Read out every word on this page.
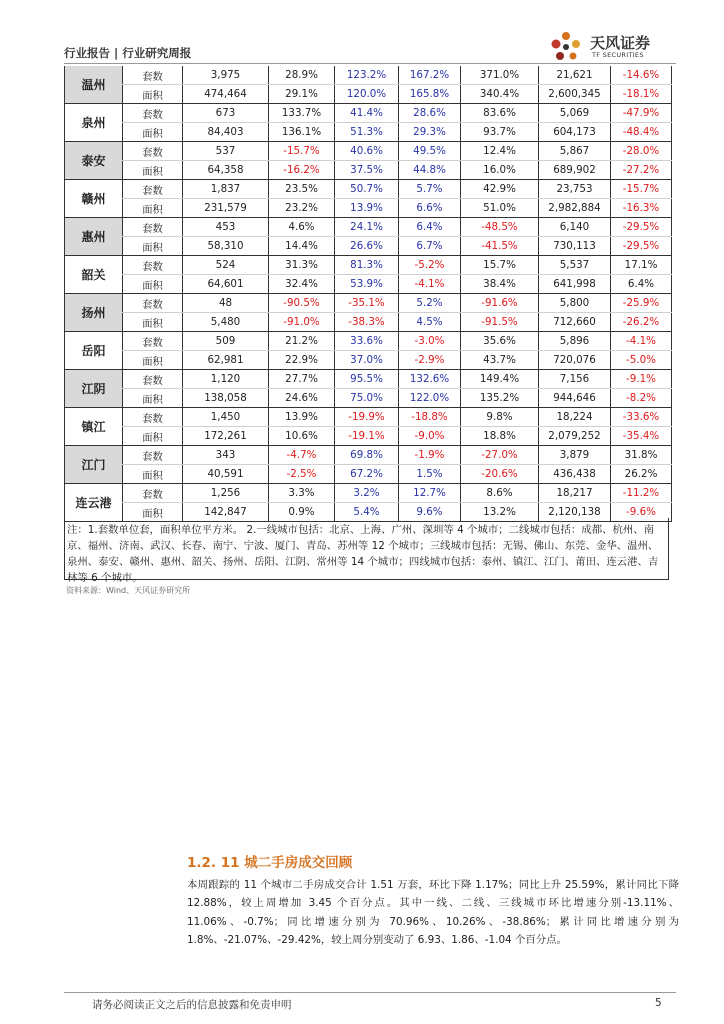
行业报告 | 行业研究周报
天风证券
TF SECURITIES
温州	套数	3,975	28.9%	123.2%	167.2%	371.0%	21,621	-14.6%
	面积	474,464	29.1%	120.0%	165.8%	340.4%	2,600,345	-18.1%
泉州	套数	673	133.7%	41.4%	28.6%	83.6%	5,069	-47.9%
	面积	84,403	136.1%	51.3%	29.3%	93.7%	604,173	-48.4%
泰安	套数	537	-15.7%	40.6%	49.5%	12.4%	5,867	-28.0%
	面积	64,358	-16.2%	37.5%	44.8%	16.0%	689,902	-27.2%
赣州	套数	1,837	23.5%	50.7%	5.7%	42.9%	23,753	-15.7%
	面积	231,579	23.2%	13.9%	6.6%	51.0%	2,982,884	-16.3%
惠州	套数	453	4.6%	24.1%	6.4%	-48.5%	6,140	-29.5%
	面积	58,310	14.4%	26.6%	6.7%	-41.5%	730,113	-29.5%
韶关	套数	524	31.3%	81.3%	-5.2%	15.7%	5,537	17.1%
	面积	64,601	32.4%	53.9%	-4.1%	38.4%	641,998	6.4%
扬州	套数	48	-90.5%	-35.1%	5.2%	-91.6%	5,800	-25.9%
	面积	5,480	-91.0%	-38.3%	4.5%	-91.5%	712,660	-26.2%
岳阳	套数	509	21.2%	33.6%	-3.0%	35.6%	5,896	-4.1%
	面积	62,981	22.9%	37.0%	-2.9%	43.7%	720,076	-5.0%
江阴	套数	1,120	27.7%	95.5%	132.6%	149.4%	7,156	-9.1%
	面积	138,058	24.6%	75.0%	122.0%	135.2%	944,646	-8.2%
镇江	套数	1,450	13.9%	-19.9%	-18.8%	9.8%	18,224	-33.6%
	面积	172,261	10.6%	-19.1%	-9.0%	18.8%	2,079,252	-35.4%
江门	套数	343	-4.7%	69.8%	-1.9%	-27.0%	3,879	31.8%
	面积	40,591	-2.5%	67.2%	1.5%	-20.6%	436,438	26.2%
连云港	套数	1,256	3.3%	3.2%	12.7%	8.6%	18,217	-11.2%
	面积	142,847	0.9%	5.4%	9.6%	13.2%	2,120,138	-9.6%
注：1.套数单位套，面积单位平方米。 2.一线城市包括：北京、上海、广州、深圳等 4 个城市；二线城市包括：成都、杭州、南京、福州、济南、武汉、长春、南宁、宁波、厦门、青岛、苏州等 12 个城市；三线城市包括：无锡、佛山、东莞、金华、温州、泉州、泰安、赣州、惠州、韶关、扬州、岳阳、江阴、常州等 14 个城市；四线城市包括：泰州、镇江、江门、莆田、连云港、吉林等 6 个城市。
资料来源：Wind、天风证券研究所
1.2. 11 城二手房成交回顾
本周跟踪的 11 个城市二手房成交合计 1.51 万套，环比下降 1.17%；同比上升 25.59%，累计同比下降 12.88%，较上周增加 3.45 个百分点。其中一线、二线、三线城市环比增速分别-13.11%、11.06%、-0.7%；同比增速分别为 70.96%、10.26%、-38.86%；累计同比增速分别为 1.8%、-21.07%、-29.42%，较上周分别变动了 6.93、1.86、-1.04 个百分点。
请务必阅读正文之后的信息披露和免责申明	5
